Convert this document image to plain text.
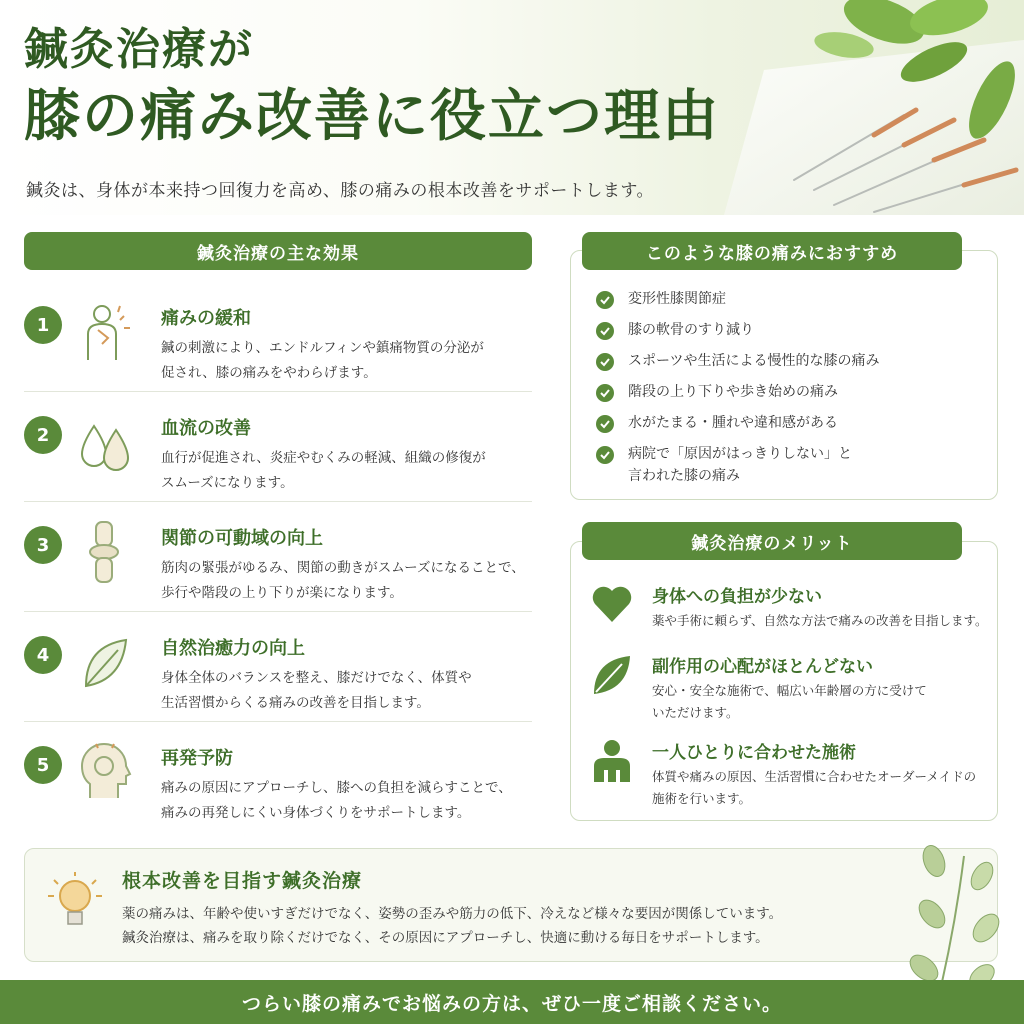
鍼灸治療が
膝の痛み改善に役立つ理由

鍼灸は、身体が本来持つ回復力を高め、膝の痛みの根本改善をサポートします。

鍼灸治療の主な効果
1	痛みの緩和
鍼の刺激により、エンドルフィンや鎮痛物質の分泌が
促され、膝の痛みをやわらげます。
2	血流の改善
血行が促進され、炎症やむくみの軽減、組織の修復が
スムーズになります。
3	関節の可動域の向上
筋肉の緊張がゆるみ、関節の動きがスムーズになることで、
歩行や階段の上り下りが楽になります。
4	自然治癒力の向上
身体全体のバランスを整え、膝だけでなく、体質や
生活習慣からくる痛みの改善を目指します。
5	再発予防
痛みの原因にアプローチし、膝への負担を減らすことで、
痛みの再発しにくい身体づくりをサポートします。
このような膝の痛みにおすすめ
変形性膝関節症
膝の軟骨のすり減り
スポーツや生活による慢性的な膝の痛み
階段の上り下りや歩き始めの痛み
水がたまる・腫れや違和感がある
病院で「原因がはっきりしない」と
言われた膝の痛み
鍼灸治療のメリット
身体への負担が少ない
薬や手術に頼らず、自然な方法で痛みの改善を目指します。
副作用の心配がほとんどない
安心・安全な施術で、幅広い年齢層の方に受けて
いただけます。
一人ひとりに合わせた施術
体質や痛みの原因、生活習慣に合わせたオーダーメイドの
施術を行います。
根本改善を目指す鍼灸治療
薬の痛みは、年齢や使いすぎだけでなく、姿勢の歪みや筋力の低下、冷えなど様々な要因が関係しています。
鍼灸治療は、痛みを取り除くだけでなく、その原因にアプローチし、快適に動ける毎日をサポートします。
つらい膝の痛みでお悩みの方は、ぜひ一度ご相談ください。
